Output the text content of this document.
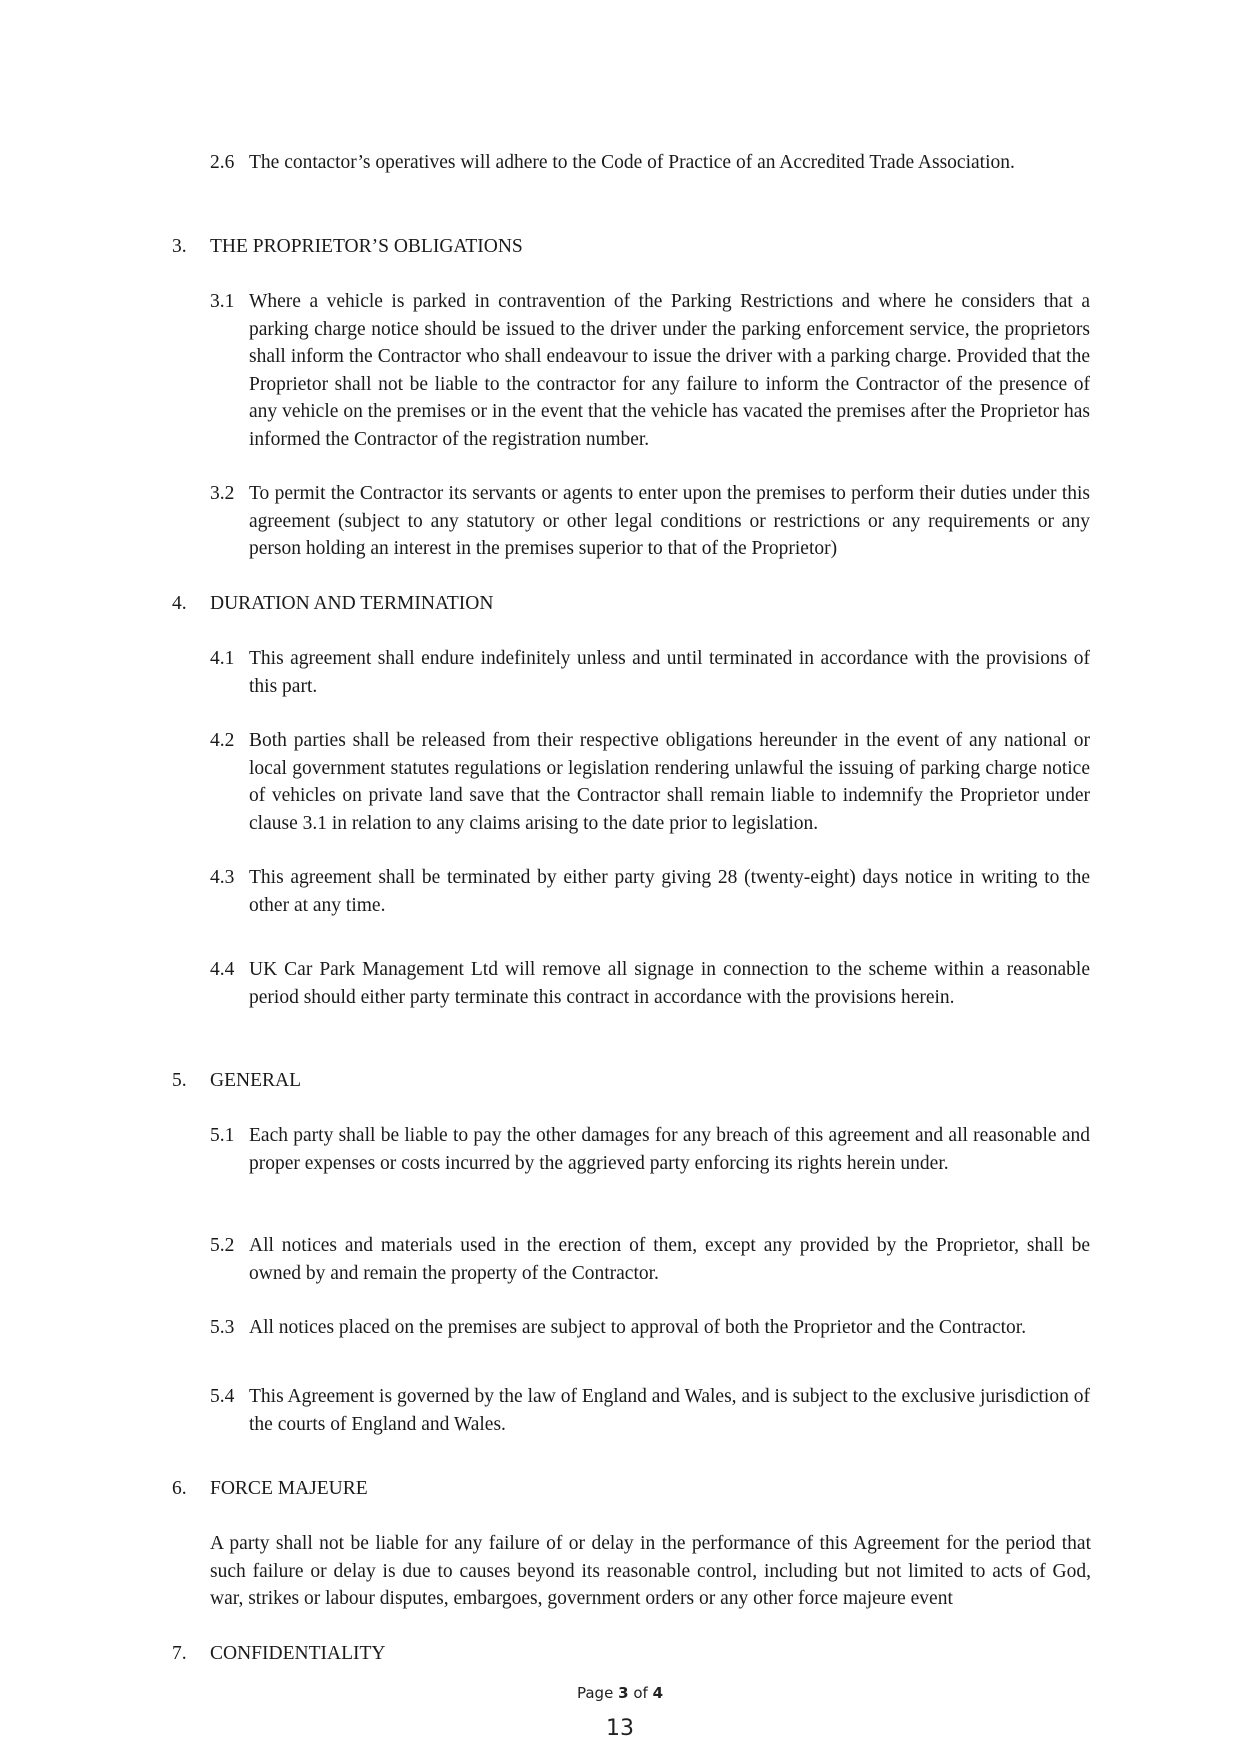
2.6 The contactor’s operatives will adhere to the Code of Practice of an Accredited Trade Association.
3. THE PROPRIETOR’S OBLIGATIONS
3.1 Where a vehicle is parked in contravention of the Parking Restrictions and where he considers that a parking charge notice should be issued to the driver under the parking enforcement service, the proprietors shall inform the Contractor who shall endeavour to issue the driver with a parking charge. Provided that the Proprietor shall not be liable to the contractor for any failure to inform the Contractor of the presence of any vehicle on the premises or in the event that the vehicle has vacated the premises after the Proprietor has informed the Contractor of the registration number.
3.2 To permit the Contractor its servants or agents to enter upon the premises to perform their duties under this agreement (subject to any statutory or other legal conditions or restrictions or any requirements or any person holding an interest in the premises superior to that of the Proprietor)
4. DURATION AND TERMINATION
4.1 This agreement shall endure indefinitely unless and until terminated in accordance with the provisions of this part.
4.2 Both parties shall be released from their respective obligations hereunder in the event of any national or local government statutes regulations or legislation rendering unlawful the issuing of parking charge notice of vehicles on private land save that the Contractor shall remain liable to indemnify the Proprietor under clause 3.1 in relation to any claims arising to the date prior to legislation.
4.3 This agreement shall be terminated by either party giving 28 (twenty-eight) days notice in writing to the other at any time.
4.4 UK Car Park Management Ltd will remove all signage in connection to the scheme within a reasonable period should either party terminate this contract in accordance with the provisions herein.
5. GENERAL
5.1 Each party shall be liable to pay the other damages for any breach of this agreement and all reasonable and proper expenses or costs incurred by the aggrieved party enforcing its rights herein under.
5.2 All notices and materials used in the erection of them, except any provided by the Proprietor, shall be owned by and remain the property of the Contractor.
5.3 All notices placed on the premises are subject to approval of both the Proprietor and the Contractor.
5.4 This Agreement is governed by the law of England and Wales, and is subject to the exclusive jurisdiction of the courts of England and Wales.
6. FORCE MAJEURE
A party shall not be liable for any failure of or delay in the performance of this Agreement for the period that such failure or delay is due to causes beyond its reasonable control, including but not limited to acts of God, war, strikes or labour disputes, embargoes, government orders or any other force majeure event
7. CONFIDENTIALITY
Page 3 of 4
13
